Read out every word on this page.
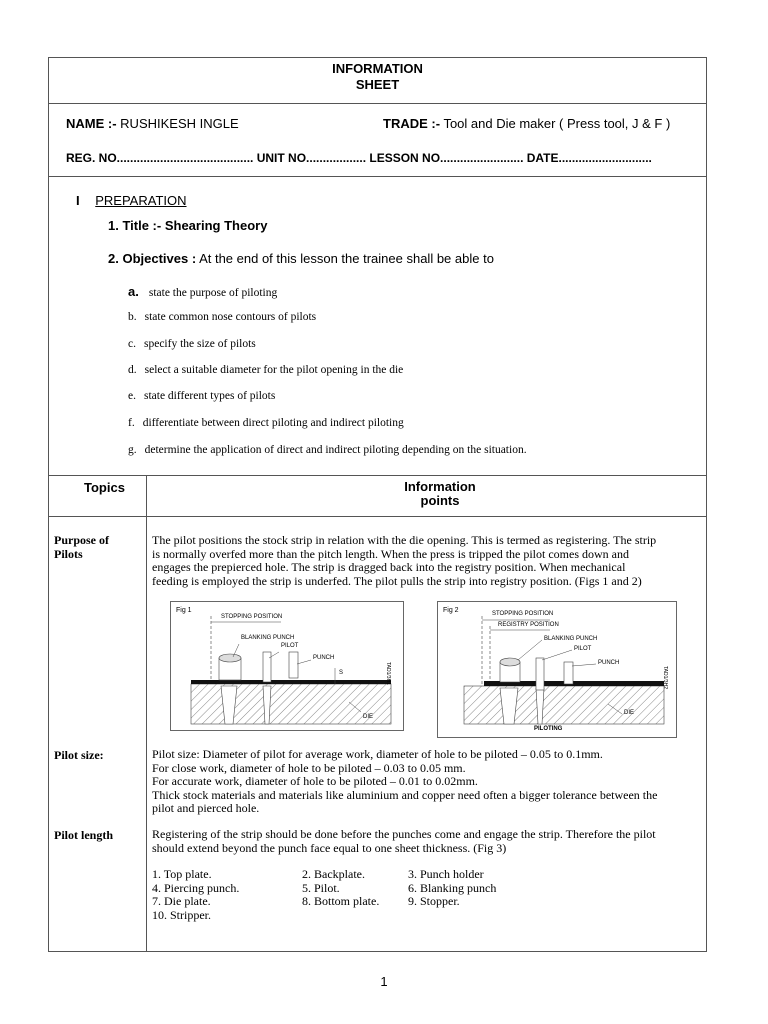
INFORMATION
SHEET
NAME :- RUSHIKESH INGLE	TRADE :- Tool and Die maker ( Press tool, J & F )
REG. NO......................................... UNIT NO.................. LESSON NO......................... DATE............................
I PREPARATION
1. Title :- Shearing Theory
2. Objectives : At the end of this lesson the trainee shall be able to
a. state the purpose of piloting
b. state common nose contours of pilots
c. specify the size of pilots
d. select a suitable diameter for the pilot opening in the die
e. state different types of pilots
f. differentiate between direct piloting and indirect piloting
g. determine the application of direct and indirect piloting depending on the situation.
Topics	Information
points
Purpose of
Pilots
The pilot positions the stock strip in relation with the die opening. This is termed as registering. The strip
is normally overfed more than the pitch length. When the press is tripped the pilot comes down and
engages the prepierced hole. The strip is dragged back into the registry position. When mechanical
feeding is employed the strip is underfed. The pilot pulls the strip into registry position. (Figs 1 and 2)
Fig 1
STOPPING POSITION
BLANKING PUNCH
PILOT
PUNCH
S
DIE
TAD1/3H1
Fig 2	STOPPING POSITION
REGISTRY POSITION
BLANKING PUNCH
PILOT
PUNCH
DIE
PILOTING
TAD1/3H2
Pilot size:	Pilot size: Diameter of pilot for average work, diameter of hole to be piloted – 0.05 to 0.1mm.
For close work, diameter of hole to be piloted – 0.03 to 0.05 mm.
For accurate work, diameter of hole to be piloted – 0.01 to 0.02mm.
Thick stock materials and materials like aluminium and copper need often a bigger tolerance between the
pilot and pierced hole.
Pilot length	Registering of the strip should be done before the punches come and engage the strip. Therefore the pilot
should extend beyond the punch face equal to one sheet thickness. (Fig 3)
1. Top plate.	2. Backplate.	3. Punch holder
4. Piercing punch.	5. Pilot.	6. Blanking punch
7. Die plate.	8. Bottom plate.	9. Stopper.
10. Stripper.
1
